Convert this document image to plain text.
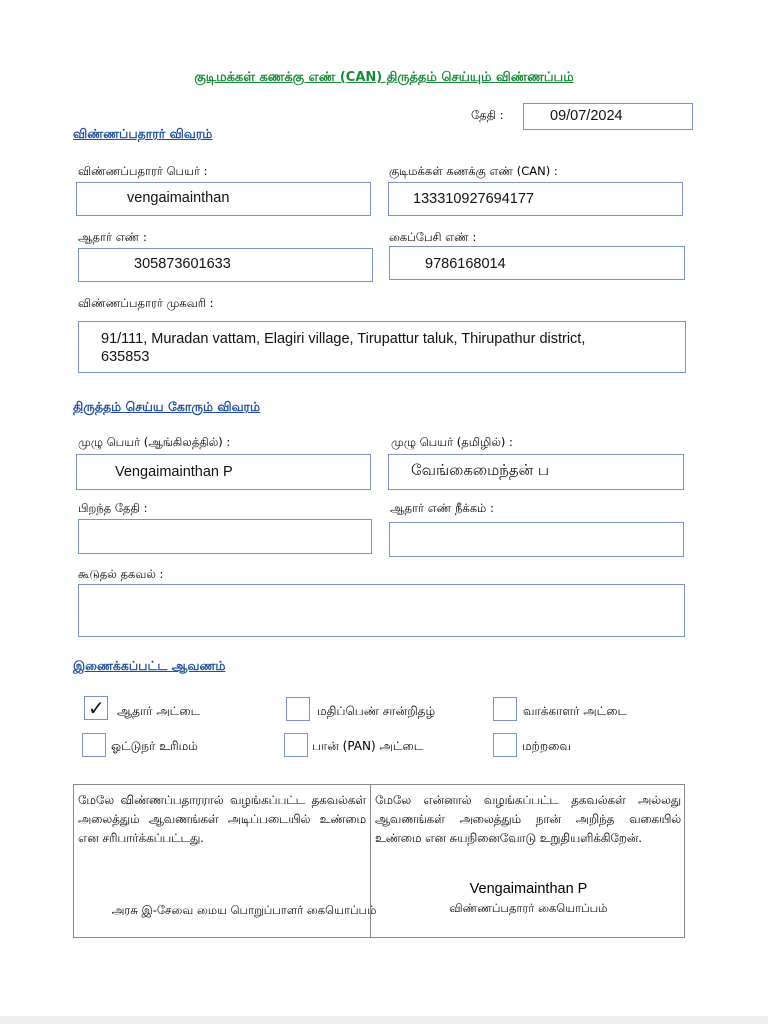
குடிமக்கள் கணக்கு எண் (CAN) திருத்தம் செய்யும் விண்ணப்பம்
தேதி :	09/07/2024
விண்ணப்பதாரர் விவரம்
விண்ணப்பதாரர் பெயர் :
vengaimainthan
குடிமக்கள் கணக்கு எண் (CAN) :
13331092769417​7
ஆதார் எண் :
305873601633
கைப்பேசி எண் :
9786168014
விண்ணப்பதாரர் முகவரி :
91/111, Muradan vattam, Elagiri village, Tirupattur taluk, Thirupathur district,
635853
திருத்தம் செய்ய கோரும் விவரம்
முழு பெயர் (ஆங்கிலத்தில்) :
Vengaimainthan P
முழு பெயர் (தமிழில்) :
வேங்கைமைந்தன் ப
பிறந்த தேதி :	ஆதார் எண் நீக்கம் :
கூடுதல் தகவல் :
இணைக்கப்பட்ட ஆவணம்
✓ ஆதார் அட்டை	மதிப்பெண் சான்றிதழ்	வாக்காளர் அட்டை
ஓட்டுநர் உரிமம்	பான் (PAN) அட்டை	மற்றவை
மேலே விண்ணப்பதாரரால் வழங்கப்பட்ட தகவல்கள் அலைத்தும் ஆவணங்கள் அடிப்படையில் உண்மை என சரிபார்க்கப்பட்டது.
அரசு இ-சேவை மைய பொறுப்பாளர் கையொப்பம்
மேலே என்னால் வழங்கப்பட்ட தகவல்கள் அல்லது ஆவணங்கள் அலைத்தும் நான் அறிந்த வகையில் உண்மை என சுயநினைவோடு உறுதியளிக்கிறேன்.
Vengaimainthan P
விண்ணப்பதாரர் கையொப்பம்
